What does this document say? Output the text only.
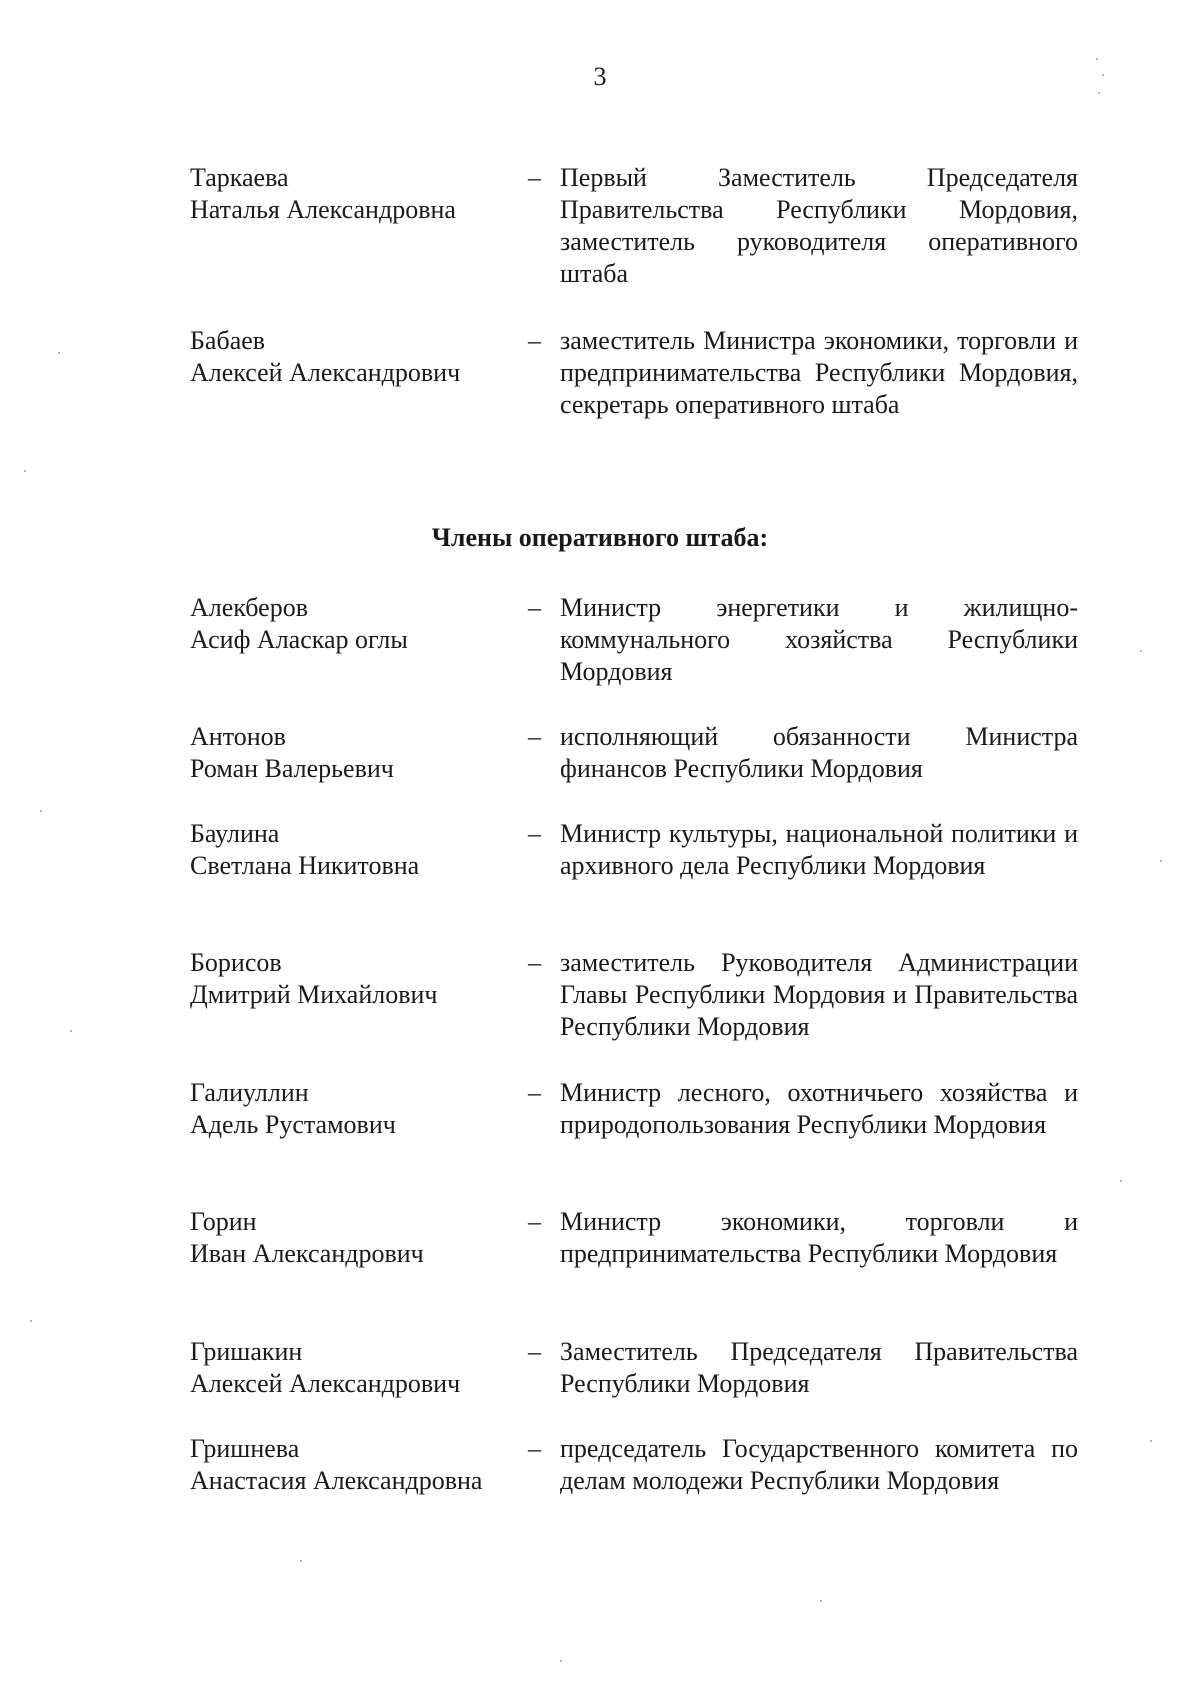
3
Таркаева
Наталья Александровна
– Первый Заместитель Председателя Правительства Республики Мордовия, заместитель руководителя оперативного штаба
Бабаев
Алексей Александрович
– заместитель Министра экономики, торговли и предпринимательства Республики Мордовия, секретарь оперативного штаба
Члены оперативного штаба:
Алекберов
Асиф Аласкар оглы
– Министр энергетики и жилищно-коммунального хозяйства Республики Мордовия
Антонов
Роман Валерьевич
– исполняющий обязанности Министра финансов Республики Мордовия
Баулина
Светлана Никитовна
– Министр культуры, национальной политики и архивного дела Республики Мордовия
Борисов
Дмитрий Михайлович
– заместитель Руководителя Администрации Главы Республики Мордовия и Правительства Республики Мордовия
Галиуллин
Адель Рустамович
– Министр лесного, охотничьего хозяйства и природопользования Республики Мордовия
Горин
Иван Александрович
– Министр экономики, торговли и предпринимательства Республики Мордовия
Гришакин
Алексей Александрович
– Заместитель Председателя Правительства Республики Мордовия
Гришнева
Анастасия Александровна
– председатель Государственного комитета по делам молодежи Республики Мордовия
